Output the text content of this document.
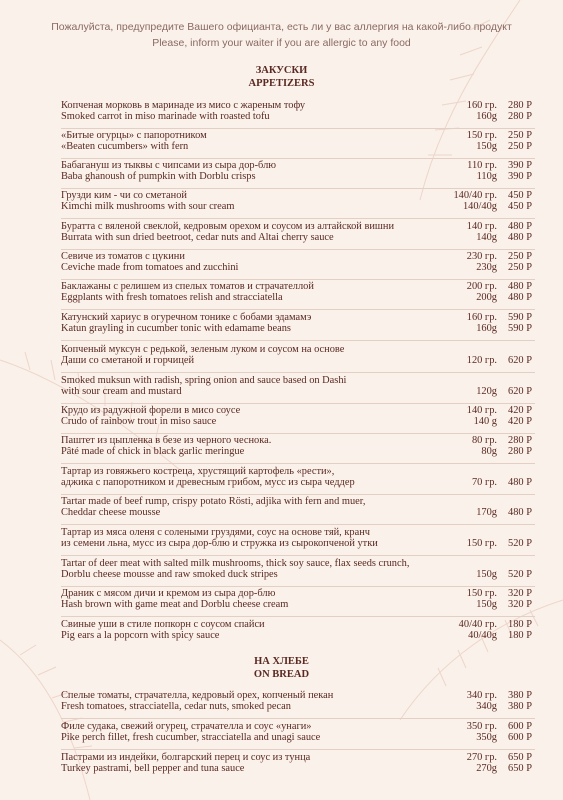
Пожалуйста, предупредите Вашего официанта, есть ли у вас аллергия на какой-либо продукт
Please, inform your waiter if you are allergic to any food
ЗАКУСКИ
APPETIZERS
Копченая морковь в маринаде из мисо с жареным тофу	160 гр. 280 Р
Smoked carrot in miso marinade with roasted tofu	160g 280 Р
«Битые огурцы» с папоротником	150 гр. 250 Р
«Beaten cucumbers» with fern	150g 250 Р
Бабагануш из тыквы с чипсами из сыра дор-блю	110 гр. 390 Р
Baba ghanoush of pumpkin with Dorblu crisps	110g 390 Р
Грузди ким - чи со сметаной	140/40 гр. 450 Р
Kimchi milk mushrooms with sour cream	140/40g 450 Р
Буратта с вяленой свеклой, кедровым орехом и соусом из алтайской вишни	140 гр. 480 Р
Burrata with sun dried beetroot, cedar nuts and Altai cherry sauce	140g 480 Р
Севиче из томатов с цукини	230 гр. 250 Р
Ceviche made from tomatoes and zucchini	230g 250 Р
Баклажаны с релишем из спелых томатов и страчателлой	200 гр. 480 Р
Eggplants with fresh tomatoes relish and stracciatella	200g 480 Р
Катунский хариус в огуречном тонике с бобами эдамамэ	160 гр. 590 Р
Katun grayling in cucumber tonic with edamame beans	160g 590 Р
Копченый муксун с редькой, зеленым луком и соусом на основе
Даши со сметаной и горчицей	120 гр. 620 Р
Smoked muksun with radish, spring onion and sauce based on Dashi
with sour cream and mustard	120g 620 Р
Крудо из радужной форели в мисо соусе	140 гр. 420 Р
Crudo of rainbow trout in miso sauce	140 g 420 Р
Паштет из цыпленка в безе из черного чеснока.	80 гр. 280 Р
Pâté made of chick in black garlic meringue	80g 280 Р
Тартар из говяжьего костреца, хрустящий картофель «рести»,
аджика с папоротником и древесным грибом, мусс из сыра чеддер	70 гр. 480 Р
Tartar made of beef rump, crispy potato Rösti, adjika with fern and muer,
Cheddar cheese mousse	170g 480 Р
Тартар из мяса оленя с солеными груздями, соус на основе тяй, кранч
из семени льна, мусс из сыра дор-блю и стружка из сырокопченой утки	150 гр. 520 Р
Tartar of deer meat with salted milk mushrooms, thick soy sauce, flax seeds crunch,
Dorblu cheese mousse and raw smoked duck stripes	150g 520 Р
Драник с мясом дичи и кремом из сыра дор-блю	150 гр. 320 Р
Hash brown with game meat and Dorblu cheese cream	150g 320 Р
Свиные уши в стиле попкорн с соусом спайси	40/40 гр. 180 Р
Pig ears a la popcorn with spicy sauce	40/40g 180 Р
НА ХЛЕБЕ
ON BREAD
Спелые томаты, страчателла, кедровый орех, копченый пекан	340 гр. 380 Р
Fresh tomatoes, stracciatella, cedar nuts, smoked pecan	340g 380 Р
Филе судака, свежий огурец, страчателла и соус «унаги»	350 гр. 600 Р
Pike perch fillet, fresh cucumber, stracciatella and unagi sauce	350g 600 Р
Пастрами из индейки, болгарский перец и соус из тунца	270 гр. 650 Р
Turkey pastrami, bell pepper and tuna sauce	270g 650 Р
